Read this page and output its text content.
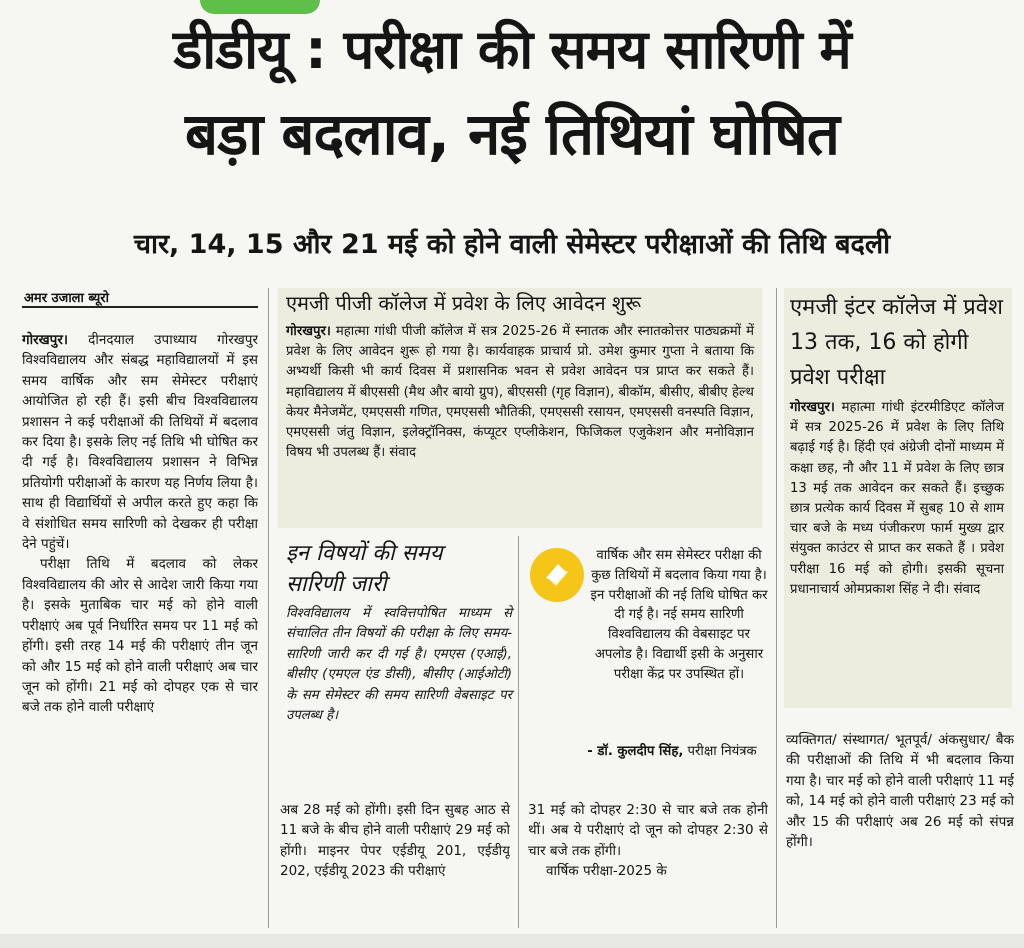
डीडीयू : परीक्षा की समय सारिणी में
बड़ा बदलाव, नई तिथियां घोषित
चार, 14, 15 और 21 मई को होने वाली सेमेस्टर परीक्षाओं की तिथि बदली
अमर उजाला ब्यूरो

गोरखपुर। दीनदयाल उपाध्याय गोरखपुर विश्वविद्यालय और संबद्ध महाविद्यालयों में इस समय वार्षिक और सम सेमेस्टर परीक्षाएं आयोजित हो रही हैं। इसी बीच विश्वविद्यालय प्रशासन ने कई परीक्षाओं की तिथियों में बदलाव कर दिया है। इसके लिए नई तिथि भी घोषित कर दी गई है। विश्वविद्यालय प्रशासन ने विभिन्न प्रतियोगी परीक्षाओं के कारण यह निर्णय लिया है। साथ ही विद्यार्थियों से अपील करते हुए कहा कि वे संशोधित समय सारिणी को देखकर ही परीक्षा देने पहुंचें।

परीक्षा तिथि में बदलाव को लेकर विश्वविद्यालय की ओर से आदेश जारी किया गया है। इसके मुताबिक चार मई को होने वाली परीक्षाएं अब पूर्व निर्धारित समय पर 11 मई को होंगी। इसी तरह 14 मई की परीक्षाएं तीन जून को और 15 मई को होने वाली परीक्षाएं अब चार जून को होंगी। 21 मई को दोपहर एक से चार बजे तक होने वाली परीक्षाएं

एमजी पीजी कॉलेज में प्रवेश के लिए आवेदन शुरू
गोरखपुर। महात्मा गांधी पीजी कॉलेज में सत्र 2025-26 में स्नातक और स्नातकोत्तर पाठ्यक्रमों में प्रवेश के लिए आवेदन शुरू हो गया है। कार्यवाहक प्राचार्य प्रो. उमेश कुमार गुप्ता ने बताया कि अभ्यर्थी किसी भी कार्य दिवस में प्रशासनिक भवन से प्रवेश आवेदन पत्र प्राप्त कर सकते हैं। महाविद्यालय में बीएससी (मैथ और बायो ग्रुप), बीएससी (गृह विज्ञान), बीकॉम, बीसीए, बीबीए हेल्थ केयर मैनेजमेंट, एमएससी गणित, एमएससी भौतिकी, एमएससी रसायन, एमएससी वनस्पति विज्ञान, एमएससी जंतु विज्ञान, इलेक्ट्रॉनिक्स, कंप्यूटर एप्लीकेशन, फिजिकल एजुकेशन और मनोविज्ञान विषय भी उपलब्ध हैं। संवाद
इन विषयों की समय सारिणी जारी
विश्वविद्यालय में स्ववित्तपोषित माध्यम से संचालित तीन विषयों की परीक्षा के लिए समय-सारिणी जारी कर दी गई है। एमएस (एआई), बीसीए (एमएल एंड डीसी), बीसीए (आईओटी) के सम सेमेस्टर की समय सारिणी वेबसाइट पर उपलब्ध है।
वार्षिक और सम सेमेस्टर परीक्षा की कुछ तिथियों में बदलाव किया गया है। इन परीक्षाओं की नई तिथि घोषित कर दी गई है। नई समय सारिणी विश्वविद्यालय की वेबसाइट पर अपलोड है। विद्यार्थी इसी के अनुसार परीक्षा केंद्र पर उपस्थित हों।
- डॉ. कुलदीप सिंह, परीक्षा नियंत्रक
एमजी इंटर कॉलेज में प्रवेश 13 तक, 16 को होगी प्रवेश परीक्षा
गोरखपुर। महात्मा गांधी इंटरमीडिएट कॉलेज में सत्र 2025-26 में प्रवेश के लिए तिथि बढ़ाई गई है। हिंदी एवं अंग्रेजी दोनों माध्यम में कक्षा छह, नौ और 11 में प्रवेश के लिए छात्र 13 मई तक आवेदन कर सकते हैं। इच्छुक छात्र प्रत्येक कार्य दिवस में सुबह 10 से शाम चार बजे के मध्य पंजीकरण फार्म मुख्य द्वार संयुक्त काउंटर से प्राप्त कर सकते हैं । प्रवेश परीक्षा 16 मई को होगी। इसकी सूचना प्रधानाचार्य ओमप्रकाश सिंह ने दी। संवाद
अब 28 मई को होंगी। इसी दिन सुबह आठ से 11 बजे के बीच होने वाली परीक्षाएं 29 मई को होंगी। माइनर पेपर एईडीयू 201, एईडीयू 202, एईडीयू 2023 की परीक्षाएं

31 मई को दोपहर 2:30 से चार बजे तक होनी थीं। अब ये परीक्षाएं दो जून को दोपहर 2:30 से चार बजे तक होंगी।

वार्षिक परीक्षा-2025 के

व्यक्तिगत/ संस्थागत/ भूतपूर्व/ अंकसुधार/ बैक की परीक्षाओं की तिथि में भी बदलाव किया गया है। चार मई को होने वाली परीक्षाएं 11 मई को, 14 मई को होने वाली परीक्षाएं 23 मई को और 15 की परीक्षाएं अब 26 मई को संपन्न होंगी।
